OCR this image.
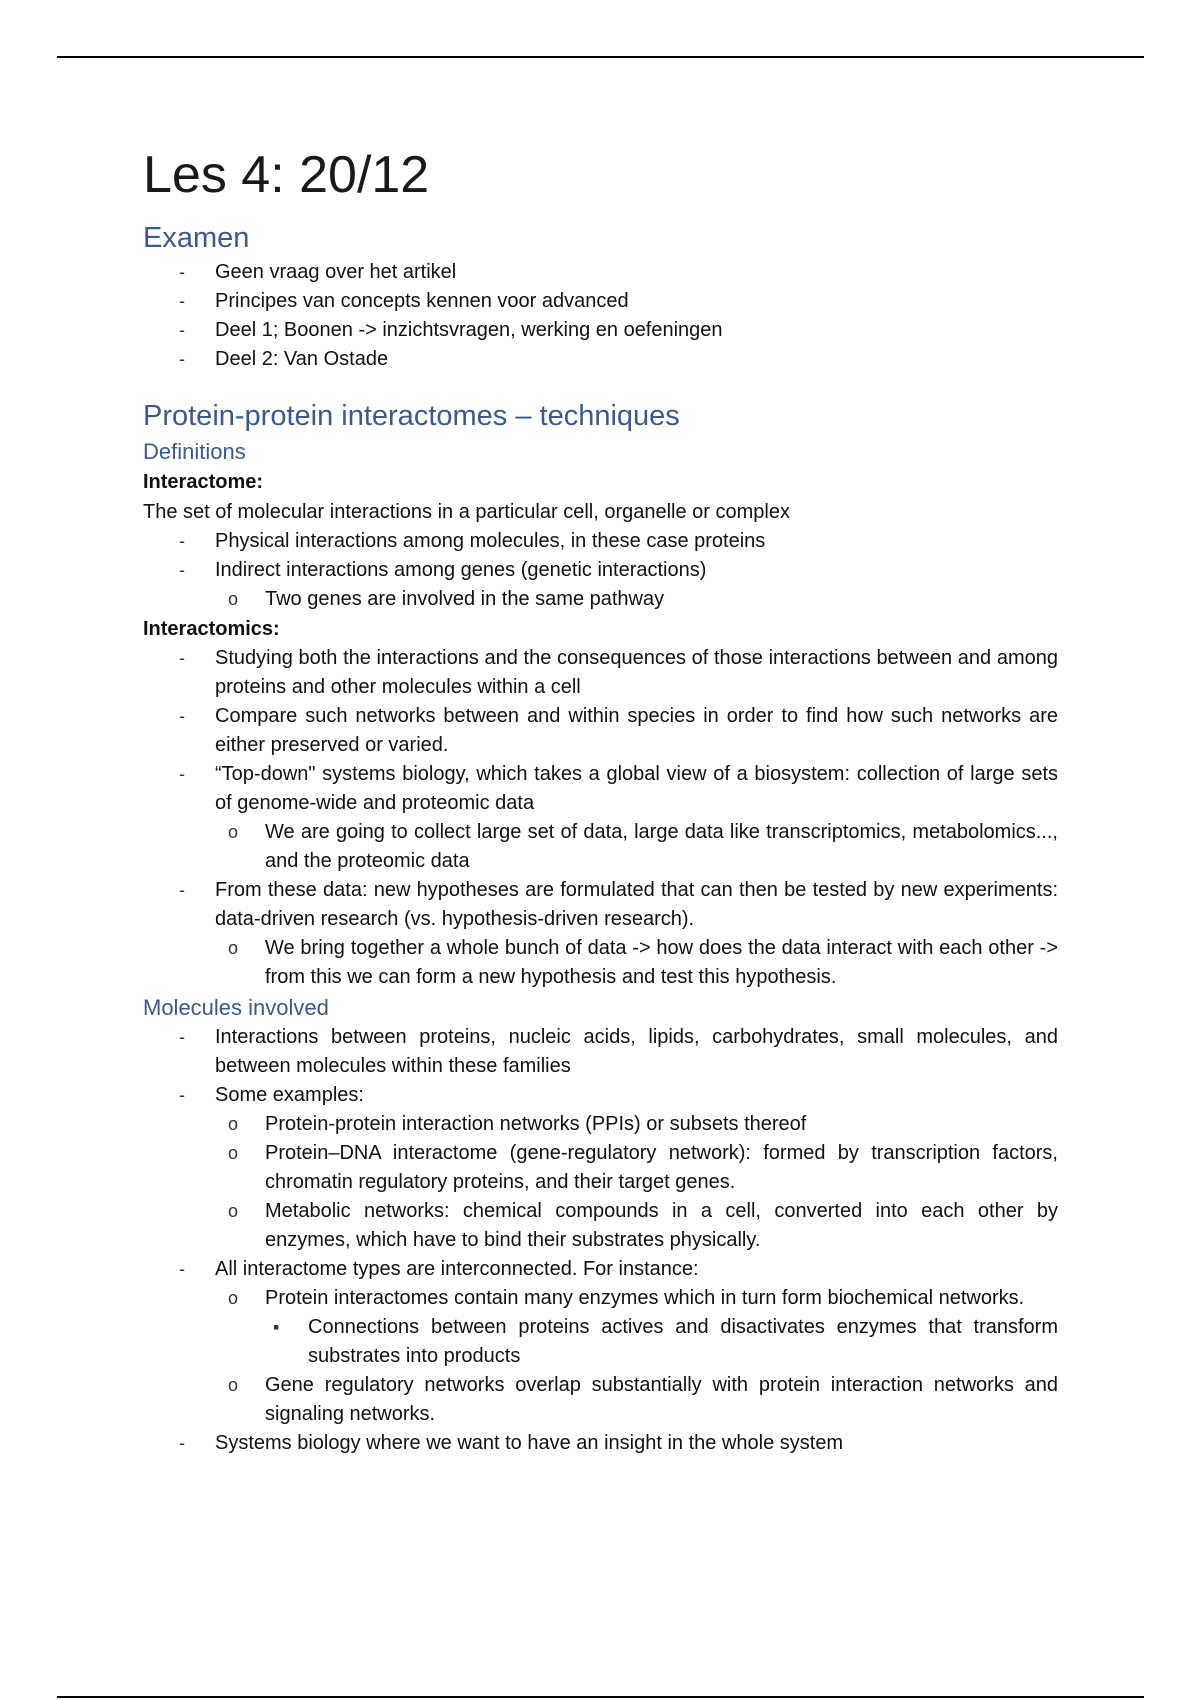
Les 4: 20/12
Examen
- Geen vraag over het artikel
- Principes van concepts kennen voor advanced
- Deel 1; Boonen -> inzichtsvragen, werking en oefeningen
- Deel 2: Van Ostade
Protein-protein interactomes – techniques
Definitions

Interactome:

The set of molecular interactions in a particular cell, organelle or complex

- Physical interactions among molecules, in these case proteins
- Indirect interactions among genes (genetic interactions)
o Two genes are involved in the same pathway

Interactomics:

- Studying both the interactions and the consequences of those interactions between and among proteins and other molecules within a cell
- Compare such networks between and within species in order to find how such networks are either preserved or varied.
- “Top-down" systems biology, which takes a global view of a biosystem: collection of large sets of genome-wide and proteomic data
o We are going to collect large set of data, large data like transcriptomics, metabolomics..., and the proteomic data
- From these data: new hypotheses are formulated that can then be tested by new experiments: data-driven research (vs. hypothesis-driven research).
o We bring together a whole bunch of data -> how does the data interact with each other -> from this we can form a new hypothesis and test this hypothesis.
Molecules involved
- Interactions between proteins, nucleic acids, lipids, carbohydrates, small molecules, and between molecules within these families
- Some examples:
o Protein-protein interaction networks (PPIs) or subsets thereof
o Protein–DNA interactome (gene-regulatory network): formed by transcription factors, chromatin regulatory proteins, and their target genes.
o Metabolic networks: chemical compounds in a cell, converted into each other by enzymes, which have to bind their substrates physically.
- All interactome types are interconnected. For instance:
o Protein interactomes contain many enzymes which in turn form biochemical networks.
▪ Connections between proteins actives and disactivates enzymes that transform substrates into products
o Gene regulatory networks overlap substantially with protein interaction networks and signaling networks.
- Systems biology where we want to have an insight in the whole system
